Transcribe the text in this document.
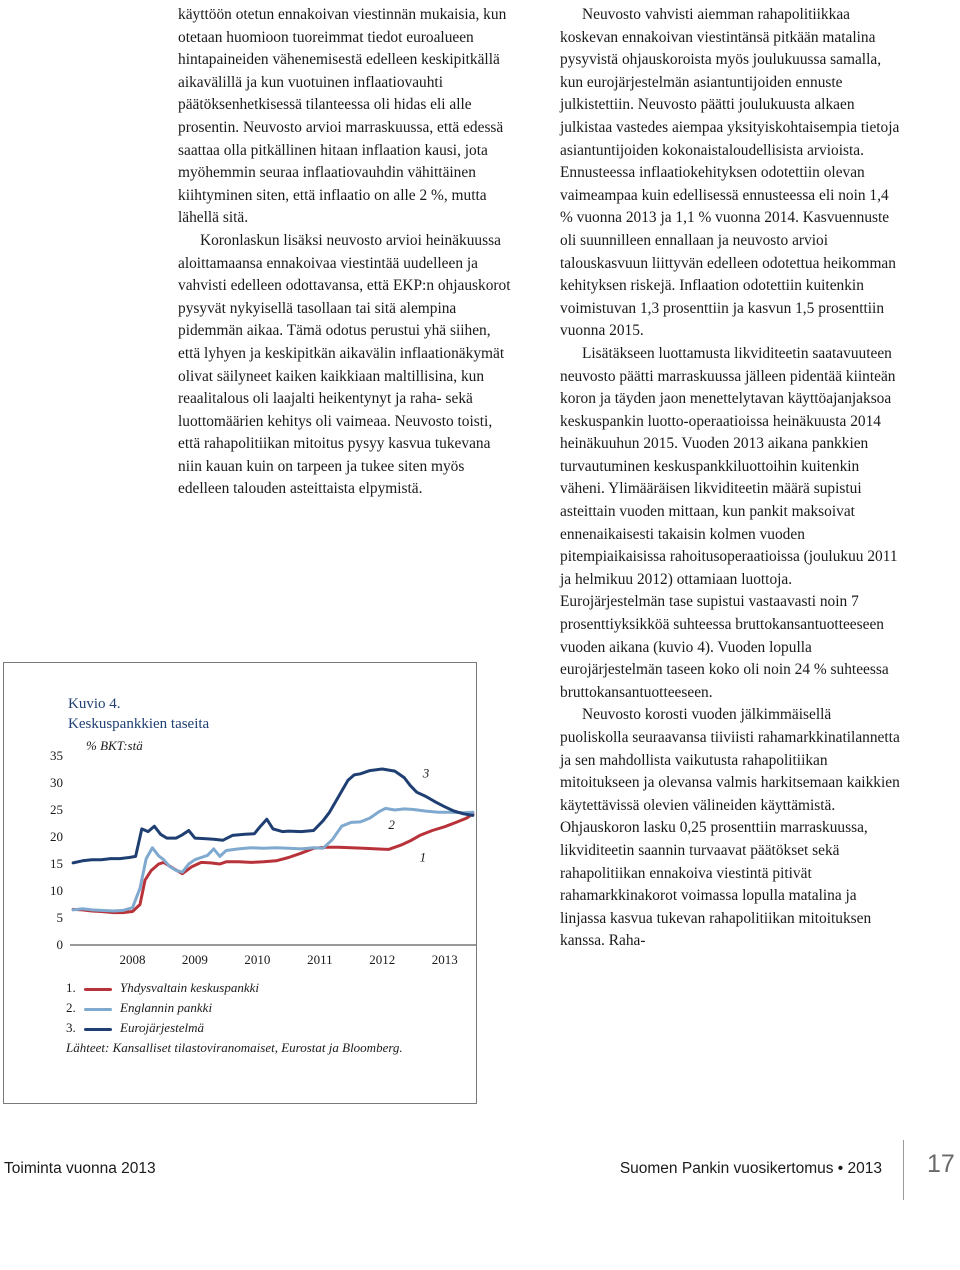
käyttöön otetun ennakoivan viestinnän mukaisia, kun otetaan huomioon tuoreimmat tiedot euroalueen hintapaineiden vähenemisestä edelleen keskipitkällä aikavälillä ja kun vuotuinen inflaatiovauhti päätöksenhetkisessä tilanteessa oli hidas eli alle prosentin. Neuvosto arvioi marraskuussa, että edessä saattaa olla pitkällinen hitaan inflaation kausi, jota myöhemmin seuraa inflaatiovauhdin vähittäinen kiihtyminen siten, että inflaatio on alle 2 %, mutta lähellä sitä.

Koronlaskun lisäksi neuvosto arvioi heinäkuussa aloittamaansa ennakoivaa viestintää uudelleen ja vahvisti edelleen odottavansa, että EKP:n ohjauskorot pysyvät nykyisellä tasollaan tai sitä alempina pidemmän aikaa. Tämä odotus perustui yhä siihen, että lyhyen ja keskipitkän aikavälin inflaationäkymät olivat säilyneet kaiken kaikkiaan maltillisina, kun reaalitalous oli laajalti heikentynyt ja raha- sekä luottomäärien kehitys oli vaimeaa. Neuvosto toisti, että rahapolitiikan mitoitus pysyy kasvua tukevana niin kauan kuin on tarpeen ja tukee siten myös edelleen talouden asteittaista elpymistä.

Neuvosto vahvisti aiemman rahapolitiikkaa koskevan ennakoivan viestintänsä pitkään matalina pysyvistä ohjauskoroista myös joulukuussa samalla, kun eurojärjestelmän asiantuntijoiden ennuste julkistettiin. Neuvosto päätti joulukuusta alkaen julkistaa vastedes aiempaa yksityiskohtaisempia tietoja asiantuntijoiden kokonaistaloudellisista arvioista. Ennusteessa inflaatiokehityksen odotettiin olevan vaimeampaa kuin edellisessä ennusteessa eli noin 1,4 % vuonna 2013 ja 1,1 % vuonna 2014. Kasvuennuste oli suunnilleen ennallaan ja neuvosto arvioi talouskasvuun liittyvän edelleen odotettua heikomman kehityksen riskejä. Inflaation odotettiin kuitenkin voimistuvan 1,3 prosenttiin ja kasvun 1,5 prosenttiin vuonna 2015.

Lisätäkseen luottamusta likviditeetin saatavuuteen neuvosto päätti marraskuussa jälleen pidentää kiinteän koron ja täyden jaon menettelytavan käyttöajanjaksoa keskuspankin luotto-operaatioissa heinäkuusta 2014 heinäkuuhun 2015. Vuoden 2013 aikana pankkien turvautuminen keskuspankkiluottoihin kuitenkin väheni. Ylimääräisen likviditeetin määrä supistui asteittain vuoden mittaan, kun pankit maksoivat ennenaikaisesti takaisin kolmen vuoden pitempiaikaisissa rahoitusoperaatioissa (joulukuu 2011 ja helmikuu 2012) ottamiaan luottoja. Eurojärjestelmän tase supistui vastaavasti noin 7 prosenttiyksikköä suhteessa bruttokansantuotteeseen vuoden aikana (kuvio 4). Vuoden lopulla eurojärjestelmän taseen koko oli noin 24 % suhteessa bruttokansantuotteeseen.

Neuvosto korosti vuoden jälkimmäisellä puoliskolla seuraavansa tiiviisti rahamarkkinatilannetta ja sen mahdollista vaikutusta rahapolitiikan mitoitukseen ja olevansa valmis harkitsemaan kaikkien käytettävissä olevien välineiden käyttämistä. Ohjauskoron lasku 0,25 prosenttiin marraskuussa, likviditeetin saannin turvaavat päätökset sekä rahapolitiikan ennakoiva viestintä pitivät rahamarkkinakorot voimassa lopulla matalina ja linjassa kasvua tukevan rahapolitiikan mitoituksen kanssa. Raha-

Kuvio 4.
Keskuspankkien taseita
% BKT:stä
0
5
10
15
20
25
30
35
2008	2009	2010	2011	2012	2013
1
2
3
1.	Yhdysvaltain keskuspankki
2.	Englannin pankki
3.	Eurojärjestelmä
Lähteet: Kansalliset tilastoviranomaiset, Eurostat ja Bloomberg.
Toiminta vuonna 2013	Suomen Pankin vuosikertomus • 2013 17
